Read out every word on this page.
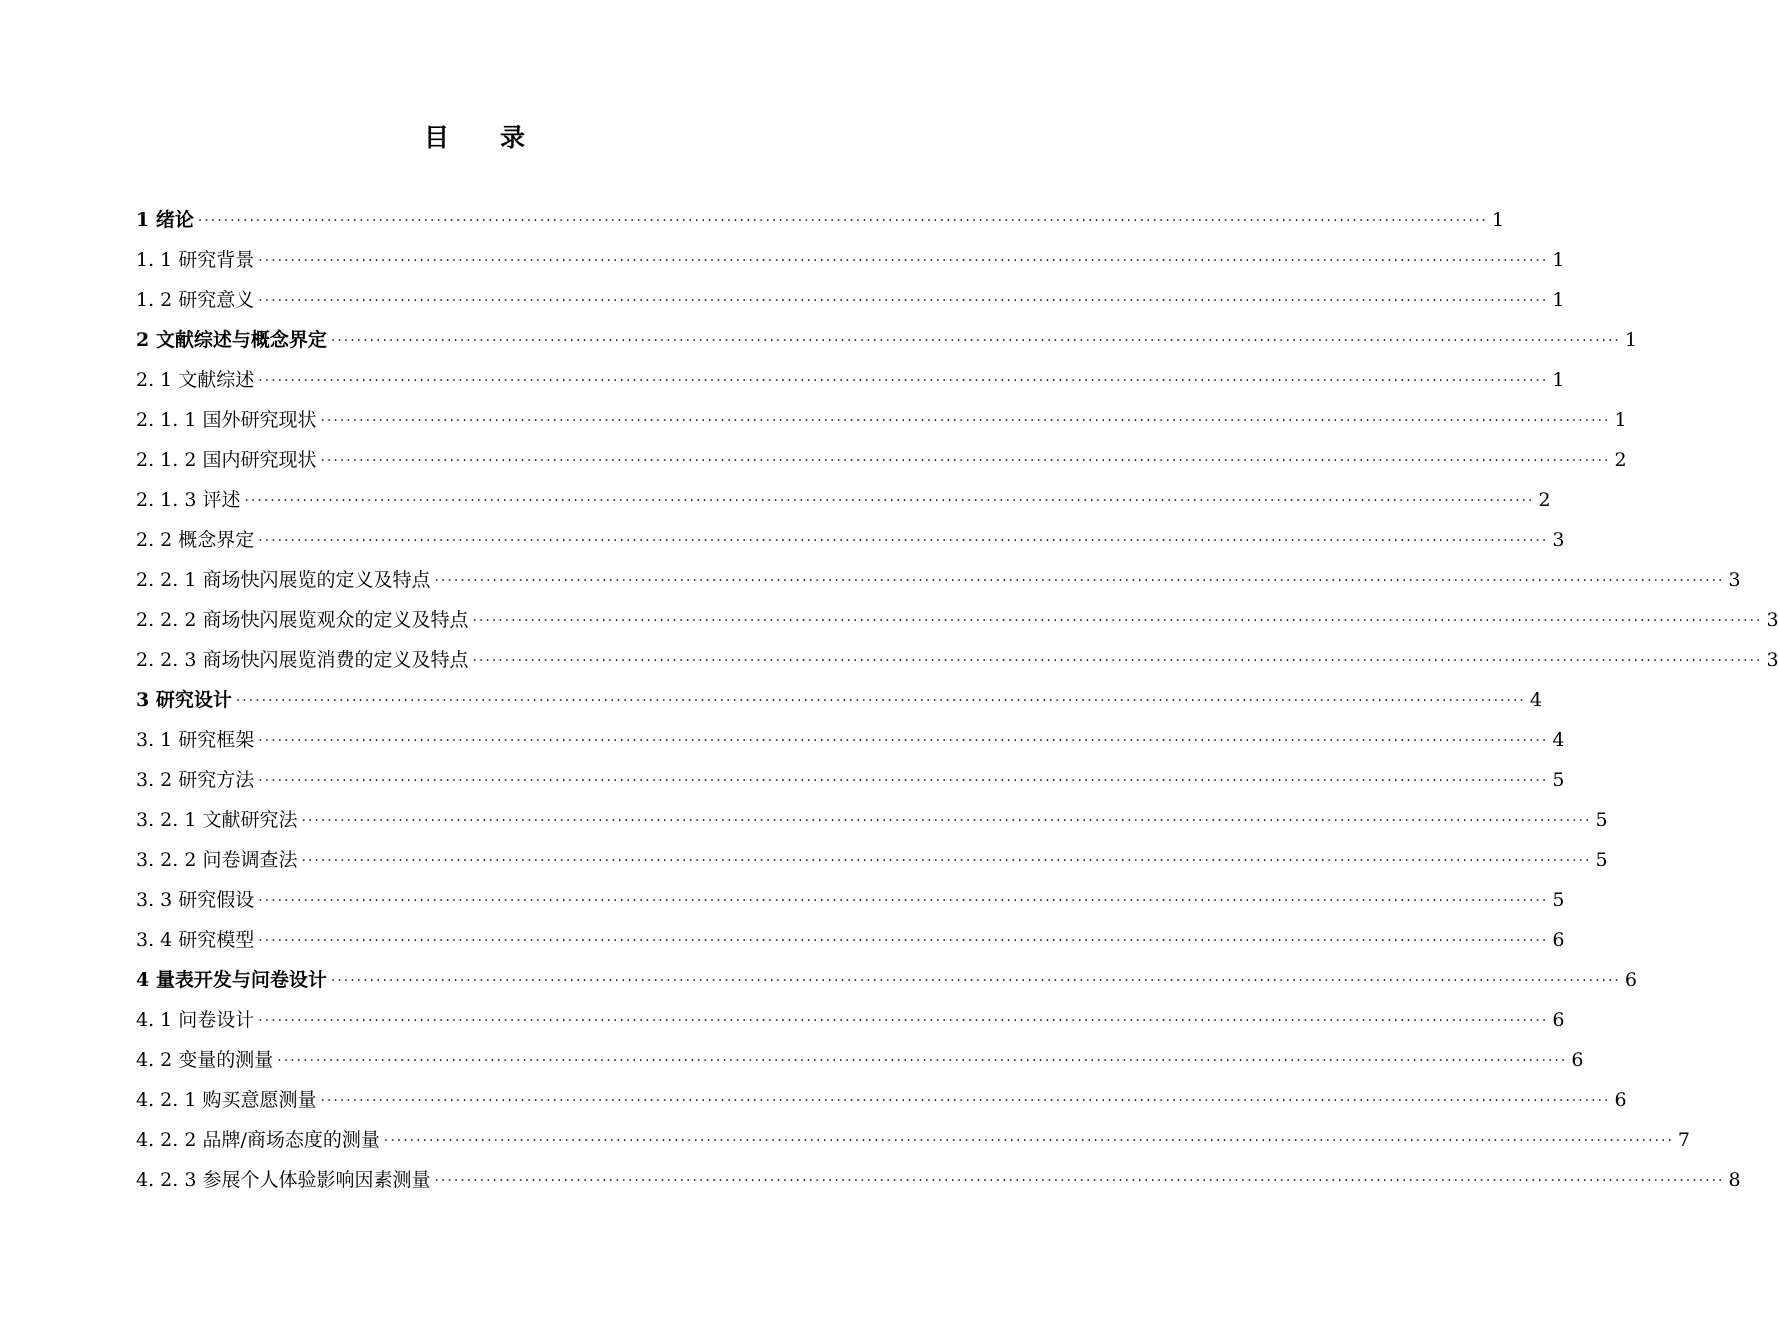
目 录
1 绪论 ········································································································································································································ 1
1. 1 研究背景 ········································································································································································································ 1
1. 2 研究意义 ········································································································································································································ 1
2 文献综述与概念界定 ········································································································································································································ 1
2. 1 文献综述 ········································································································································································································ 1
2. 1. 1 国外研究现状 ········································································································································································································ 1
2. 1. 2 国内研究现状 ········································································································································································································ 2
2. 1. 3 评述 ········································································································································································································ 2
2. 2 概念界定 ········································································································································································································ 3
2. 2. 1 商场快闪展览的定义及特点 ········································································································································································································ 3
2. 2. 2 商场快闪展览观众的定义及特点 ········································································································································································································ 3
2. 2. 3 商场快闪展览消费的定义及特点 ········································································································································································································ 3
3 研究设计 ········································································································································································································ 4
3. 1 研究框架 ········································································································································································································ 4
3. 2 研究方法 ········································································································································································································ 5
3. 2. 1 文献研究法 ········································································································································································································ 5
3. 2. 2 问卷调查法 ········································································································································································································ 5
3. 3 研究假设 ········································································································································································································ 5
3. 4 研究模型 ········································································································································································································ 6
4 量表开发与问卷设计 ········································································································································································································ 6
4. 1 问卷设计 ········································································································································································································ 6
4. 2 变量的测量 ········································································································································································································ 6
4. 2. 1 购买意愿测量 ········································································································································································································ 6
4. 2. 2 品牌/商场态度的测量 ········································································································································································································ 7
4. 2. 3 参展个人体验影响因素测量 ········································································································································································································ 8
